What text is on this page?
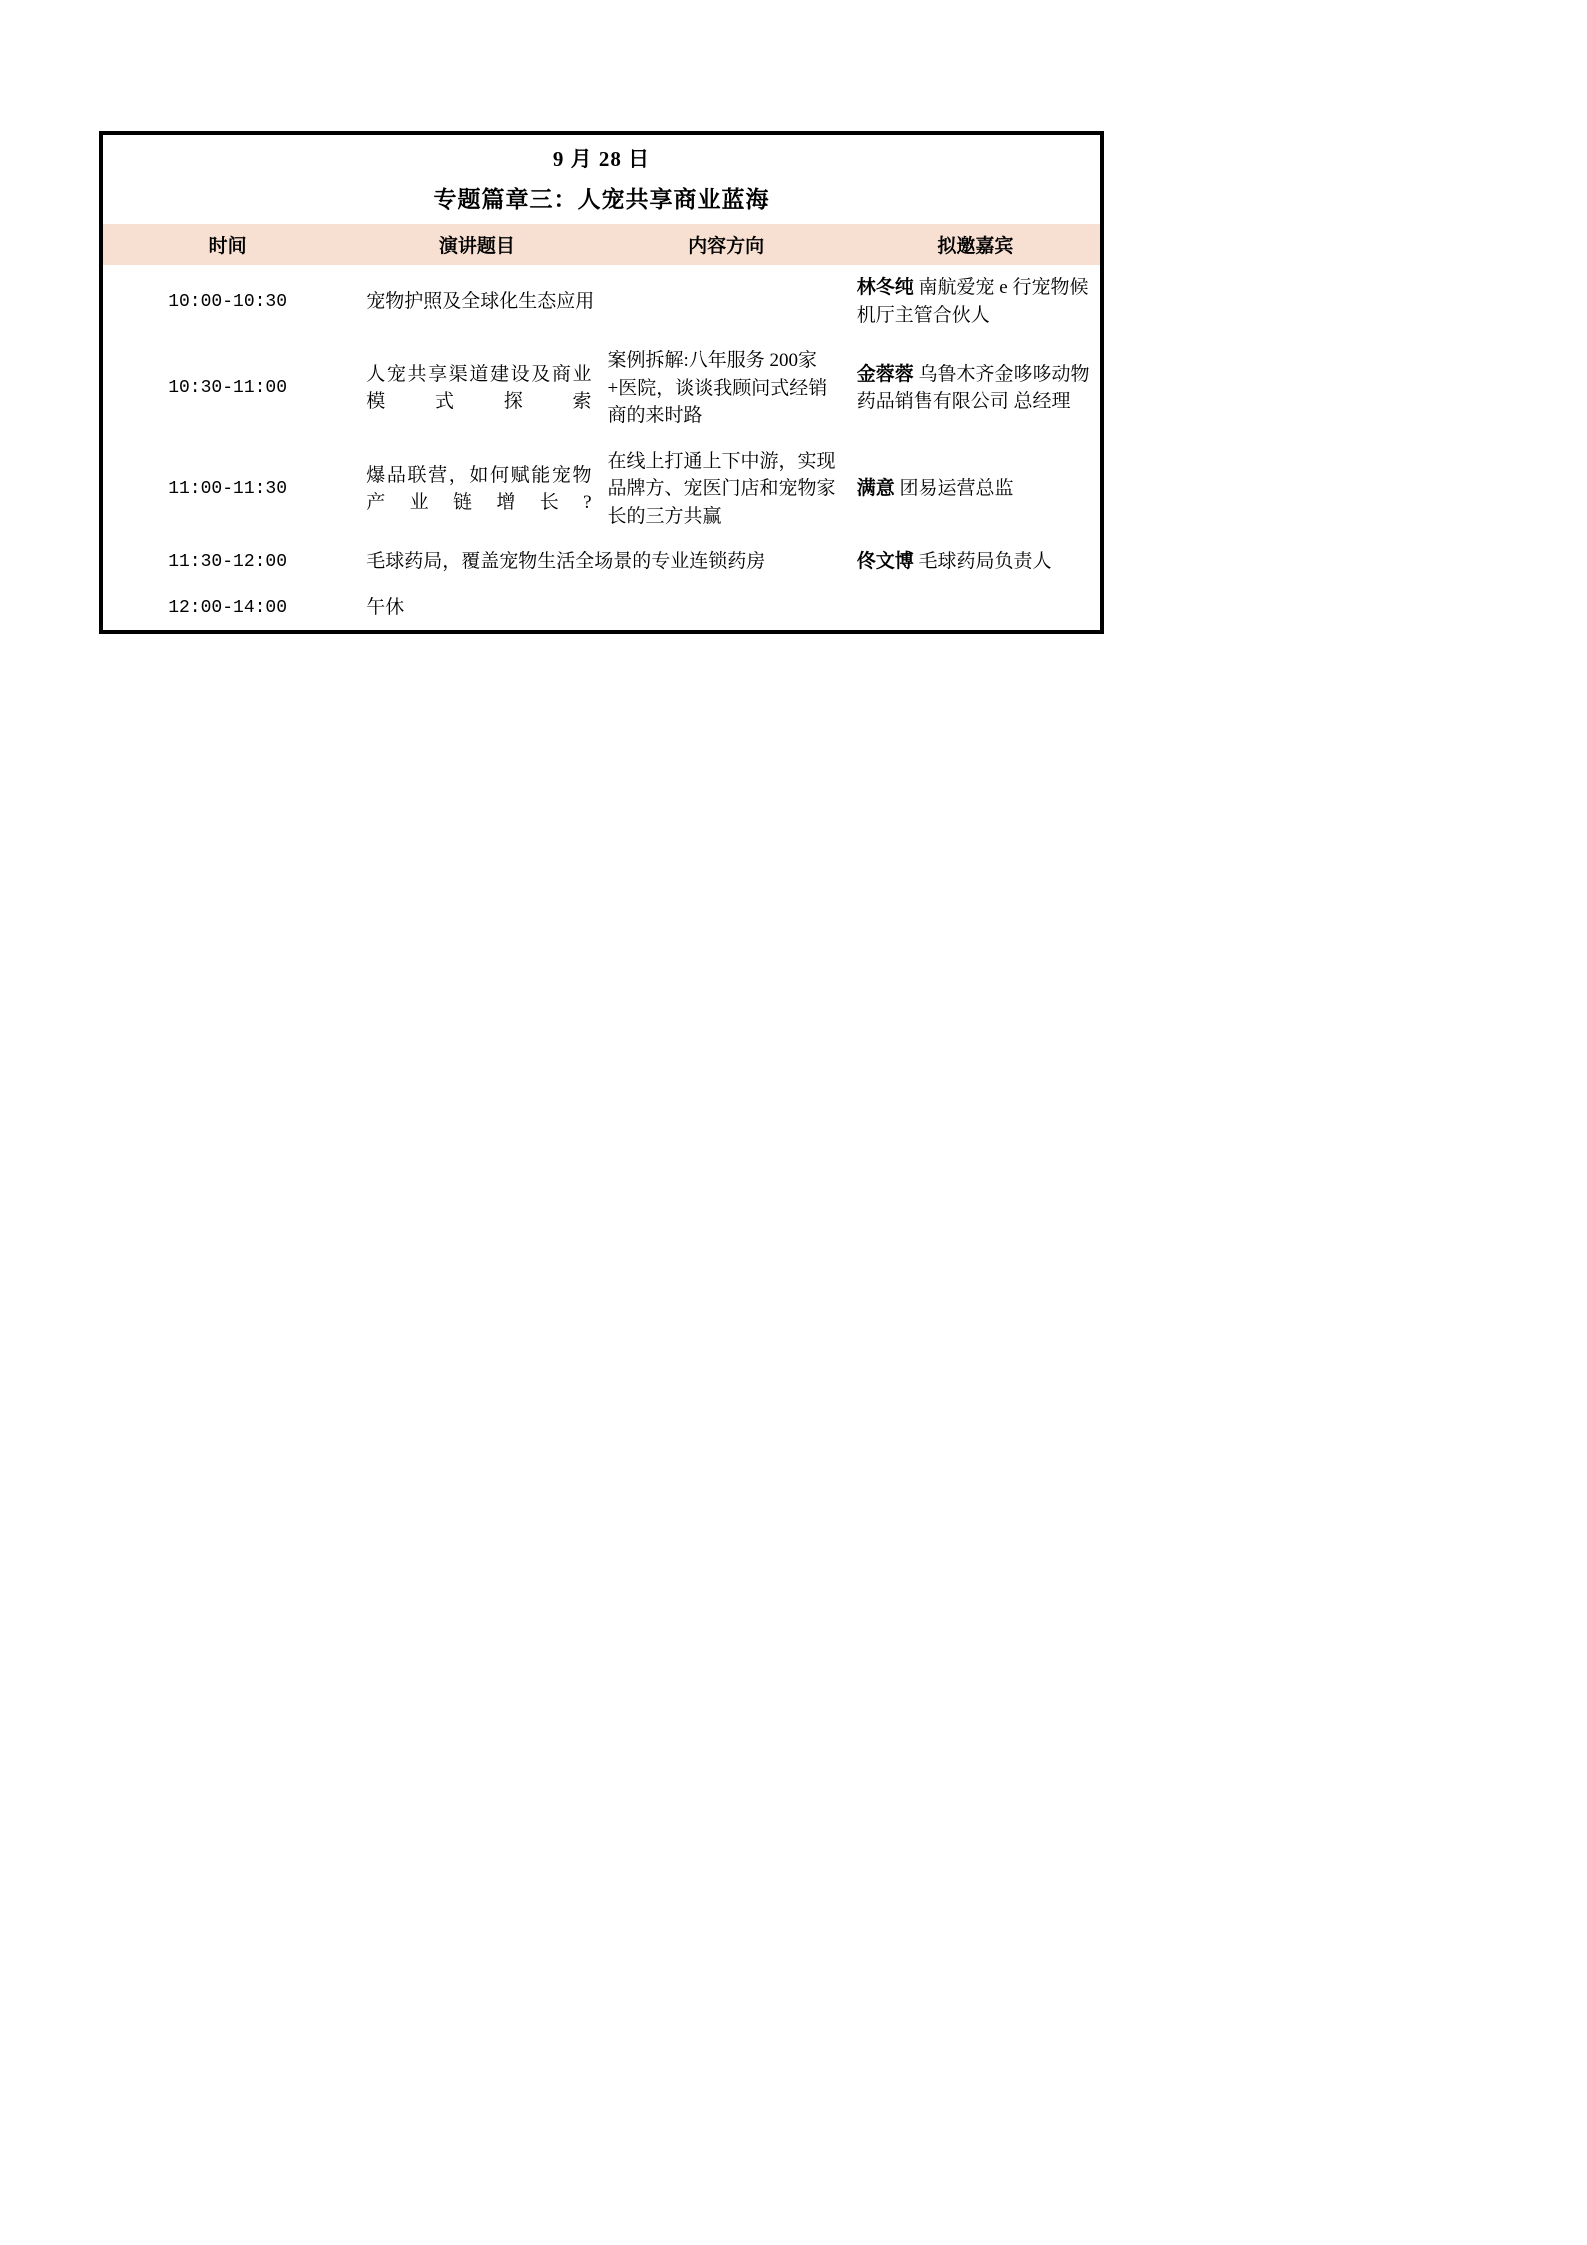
9 月 28 日			
专题篇章三：人宠共享商业蓝海			
时间	演讲题目	内容方向	拟邀嘉宾
10:00-10:30	宠物护照及全球化生态应用		林冬纯 南航爱宠 e 行宠物候机厅主管合伙人
10:30-11:00	人宠共享渠道建设及商业模式探索	案例拆解:八年服务 200家+医院，谈谈我顾问式经销商的来时路	金蓉蓉 乌鲁木齐金哆哆动物药品销售有限公司 总经理
11:00-11:30	爆品联营，如何赋能宠物产业链增长?	在线上打通上下中游，实现品牌方、宠医门店和宠物家长的三方共赢	满意 团易运营总监
11:30-12:00	毛球药局，覆盖宠物生活全场景的专业连锁药房		佟文博 毛球药局负责人
12:00-14:00	午休		
